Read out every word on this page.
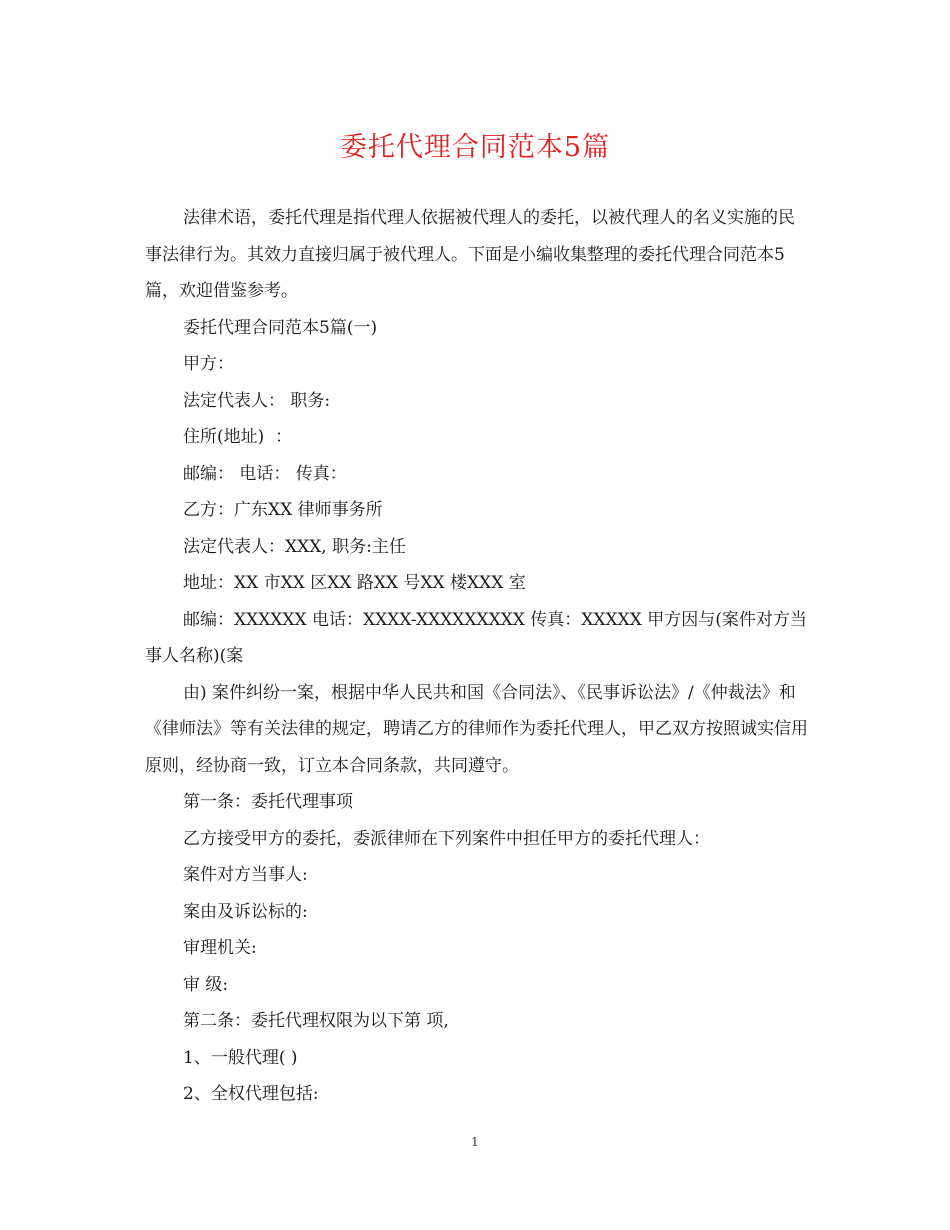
委托代理合同范本5篇

法律术语，委托代理是指代理人依据被代理人的委托，以被代理人的名义实施的民事法律行为。其效力直接归属于被代理人。下面是小编收集整理的委托代理合同范本5篇，欢迎借鉴参考。

委托代理合同范本5篇(一)

甲方：

法定代表人： 职务:

住所(地址)  ：

邮编： 电话： 传真：

乙方：广东XX 律师事务所

法定代表人：XXX, 职务:主任

地址：XX 市XX 区XX 路XX 号XX 楼XXX 室

邮编：XXXXXX 电话：XXXX-XXXXXXXXX 传真：XXXXX 甲方因与(案件对方当事人名称)(案

由) 案件纠纷一案，根据中华人民共和国《合同法》、《民事诉讼法》/《仲裁法》和《律师法》等有关法律的规定，聘请乙方的律师作为委托代理人，甲乙双方按照诚实信用原则，经协商一致，订立本合同条款，共同遵守。

第一条：委托代理事项

乙方接受甲方的委托，委派律师在下列案件中担任甲方的委托代理人：

案件对方当事人:

案由及诉讼标的:

审理机关:

审 级:

第二条：委托代理权限为以下第 项,

1、一般代理( )

2、全权代理包括:

1
